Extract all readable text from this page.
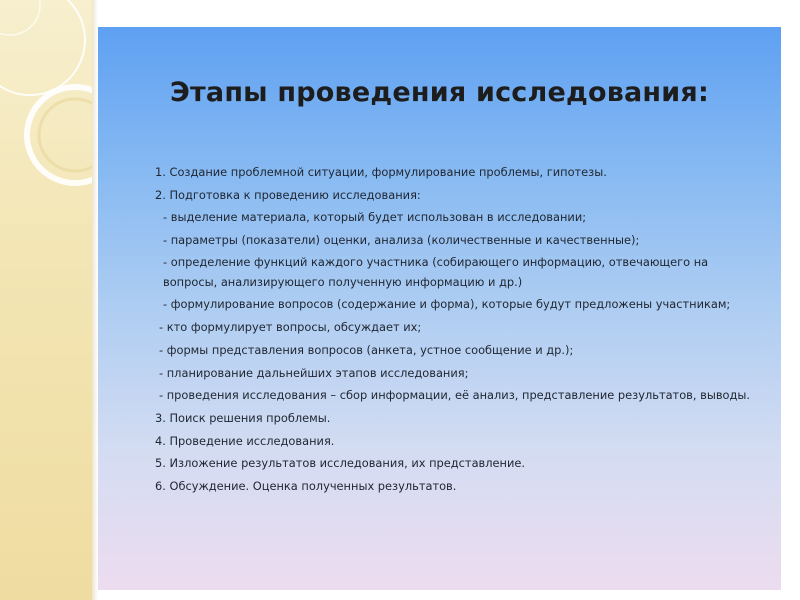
Этапы проведения исследования:
1. Создание проблемной ситуации, формулирование проблемы, гипотезы.
2. Подготовка к проведению исследования:
- выделение материала, который будет использован в исследовании;
- параметры (показатели) оценки, анализа (количественные и качественные);
- определение функций каждого участника (собирающего информацию, отвечающего на вопросы, анализирующего полученную информацию и др.)
- формулирование вопросов (содержание и форма), которые будут предложены участникам;
- кто формулирует вопросы, обсуждает их;
- формы представления вопросов (анкета, устное сообщение и др.);
- планирование дальнейших этапов исследования;
- проведения исследования – сбор информации, её анализ, представление результатов, выводы.
3. Поиск решения проблемы.
4. Проведение исследования.
5. Изложение результатов исследования, их представление.
6. Обсуждение. Оценка полученных результатов.
